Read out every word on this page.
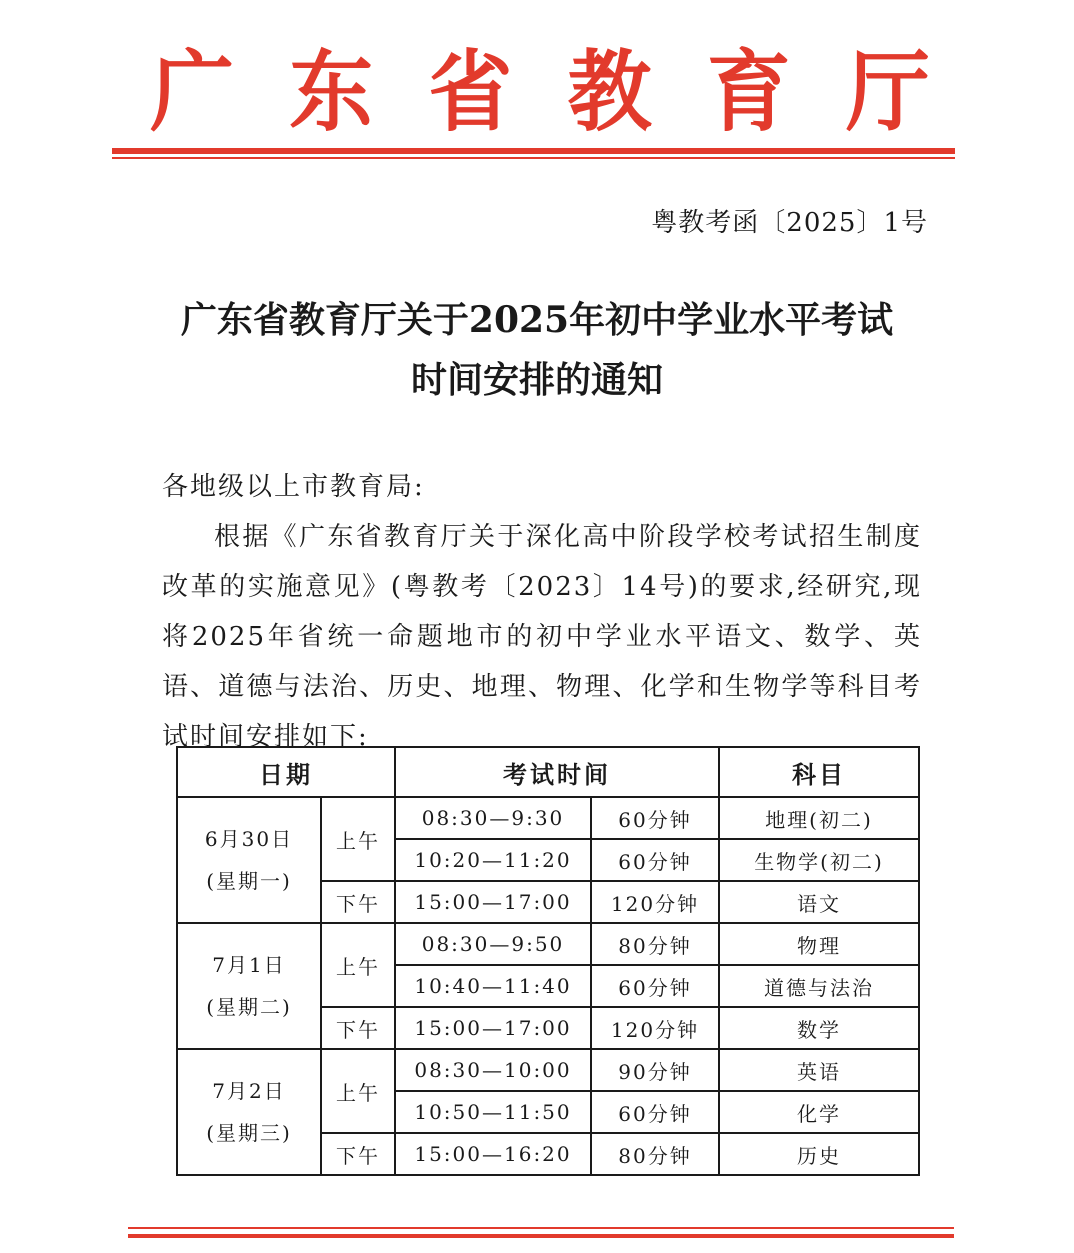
广 东 省 教 育 厅
粤教考函〔2025〕1号
广东省教育厅关于2025年初中学业水平考试
时间安排的通知
各地级以上市教育局:
根据《广东省教育厅关于深化高中阶段学校考试招生制度改革的实施意见》(粤教考〔2023〕14号)的要求,经研究,现将2025年省统一命题地市的初中学业水平语文、数学、英语、道德与法治、历史、地理、物理、化学和生物学等科目考试时间安排如下:
日期		考试时间		科目
6月30日
(星期一)	上午	08:30—9:30	60分钟	地理(初二)
		10:20—11:20	60分钟	生物学(初二)
	下午	15:00—17:00	120分钟	语文
7月1日
(星期二)	上午	08:30—9:50	80分钟	物理
		10:40—11:40	60分钟	道德与法治
	下午	15:00—17:00	120分钟	数学
7月2日
(星期三)	上午	08:30—10:00	90分钟	英语
		10:50—11:50	60分钟	化学
	下午	15:00—16:20	80分钟	历史
